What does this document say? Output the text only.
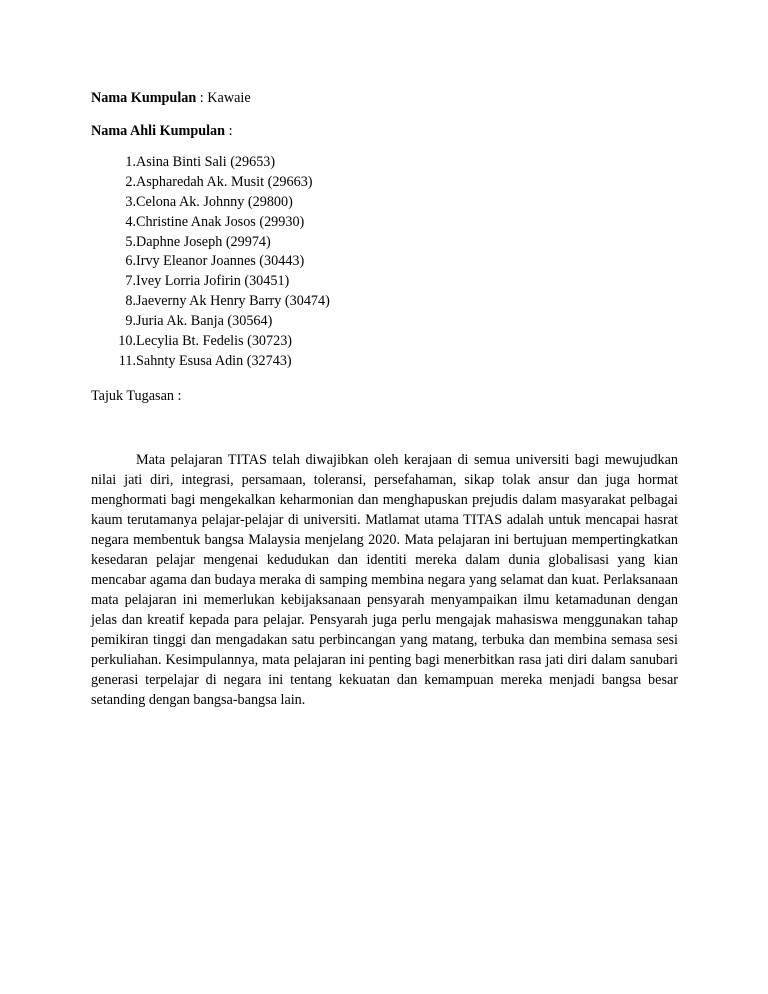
Nama Kumpulan : Kawaie
Nama Ahli Kumpulan :
1. Asina Binti Sali (29653)
2. Aspharedah Ak. Musit (29663)
3. Celona Ak. Johnny (29800)
4. Christine Anak Josos (29930)
5. Daphne Joseph (29974)
6. Irvy Eleanor Joannes (30443)
7. Ivey Lorria Jofirin (30451)
8. Jaeverny Ak Henry Barry (30474)
9. Juria Ak. Banja (30564)
10. Lecylia Bt. Fedelis (30723)
11. Sahnty Esusa Adin (32743)
Tajuk Tugasan :

Mata pelajaran TITAS telah diwajibkan oleh kerajaan di semua universiti bagi mewujudkan nilai jati diri, integrasi, persamaan, toleransi, persefahaman, sikap tolak ansur dan juga hormat menghormati bagi mengekalkan keharmonian dan menghapuskan prejudis dalam masyarakat pelbagai kaum terutamanya pelajar-pelajar di universiti. Matlamat utama TITAS adalah untuk mencapai hasrat negara membentuk bangsa Malaysia menjelang 2020. Mata pelajaran ini bertujuan mempertingkatkan kesedaran pelajar mengenai kedudukan dan identiti mereka dalam dunia globalisasi yang kian mencabar agama dan budaya meraka di samping membina negara yang selamat dan kuat. Perlaksanaan mata pelajaran ini memerlukan kebijaksanaan pensyarah menyampaikan ilmu ketamadunan dengan jelas dan kreatif kepada para pelajar. Pensyarah juga perlu mengajak mahasiswa menggunakan tahap pemikiran tinggi dan mengadakan satu perbincangan yang matang, terbuka dan membina semasa sesi perkuliahan. Kesimpulannya, mata pelajaran ini penting bagi menerbitkan rasa jati diri dalam sanubari generasi terpelajar di negara ini tentang kekuatan dan kemampuan mereka menjadi bangsa besar setanding dengan bangsa-bangsa lain.
